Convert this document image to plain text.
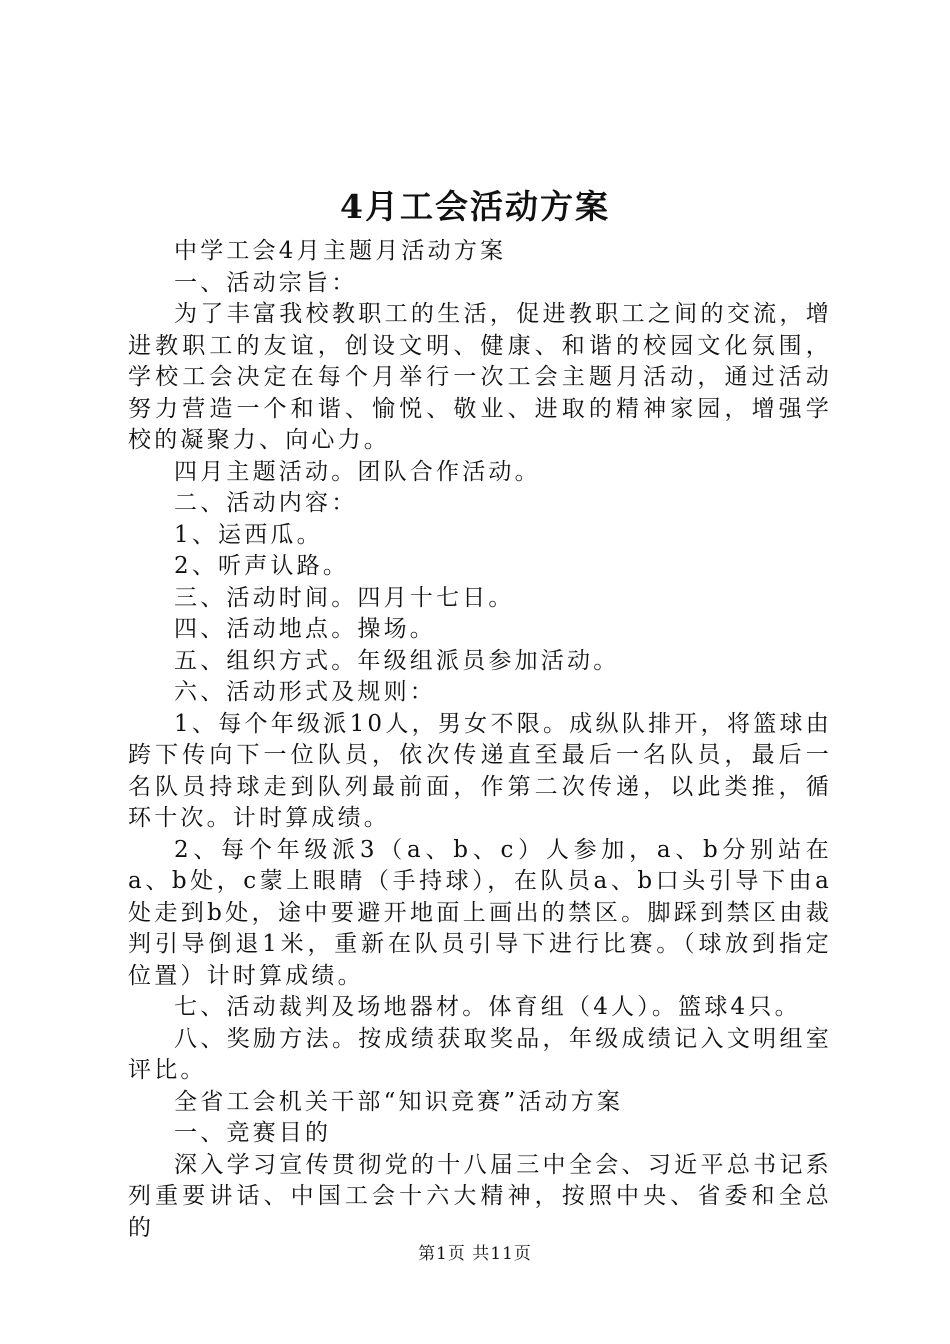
4月工会活动方案

中学工会4月主题月活动方案

一、活动宗旨：

为了丰富我校教职工的生活，促进教职工之间的交流，增进教职工的友谊，创设文明、健康、和谐的校园文化氛围，学校工会决定在每个月举行一次工会主题月活动，通过活动努力营造一个和谐、愉悦、敬业、进取的精神家园，增强学校的凝聚力、向心力。

四月主题活动。团队合作活动。

二、活动内容：

1、运西瓜。

2、听声认路。

三、活动时间。四月十七日。

四、活动地点。操场。

五、组织方式。年级组派员参加活动。

六、活动形式及规则：

1、每个年级派10人，男女不限。成纵队排开，将篮球由跨下传向下一位队员，依次传递直至最后一名队员，最后一名队员持球走到队列最前面，作第二次传递，以此类推，循环十次。计时算成绩。

2、每个年级派3（a、b、c）人参加，a、b分别站在a、b处，c蒙上眼睛（手持球），在队员a、b口头引导下由a处走到b处，途中要避开地面上画出的禁区。脚踩到禁区由裁判引导倒退1米，重新在队员引导下进行比赛。（球放到指定位置）计时算成绩。

七、活动裁判及场地器材。体育组（4人）。篮球4只。

八、奖励方法。按成绩获取奖品，年级成绩记入文明组室评比。

全省工会机关干部“知识竞赛”活动方案

一、竞赛目的

深入学习宣传贯彻党的十八届三中全会、习近平总书记系列重要讲话、中国工会十六大精神，按照中央、省委和全总的

第1页 共11页
